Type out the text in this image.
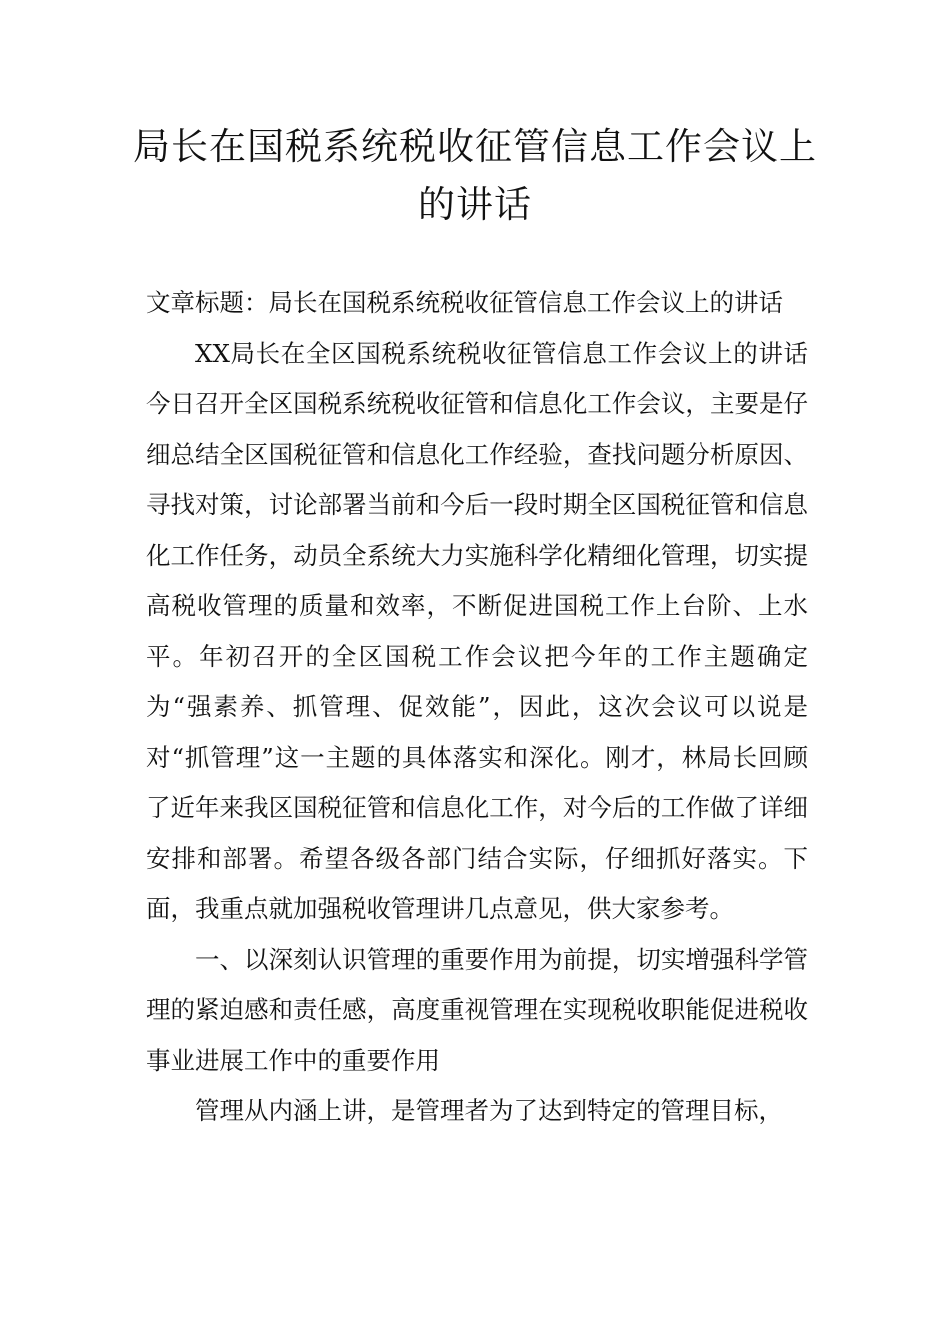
局长在国税系统税收征管信息工作会议上的讲话

文章标题：局长在国税系统税收征管信息工作会议上的讲话

XX局长在全区国税系统税收征管信息工作会议上的讲话今日召开全区国税系统税收征管和信息化工作会议，主要是仔细总结全区国税征管和信息化工作经验，查找问题分析原因、寻找对策，讨论部署当前和今后一段时期全区国税征管和信息化工作任务，动员全系统大力实施科学化精细化管理，切实提高税收管理的质量和效率，不断促进国税工作上台阶、上水平。年初召开的全区国税工作会议把今年的工作主题确定为“强素养、抓管理、促效能”，因此，这次会议可以说是对“抓管理”这一主题的具体落实和深化。刚才，林局长回顾了近年来我区国税征管和信息化工作，对今后的工作做了详细安排和部署。希望各级各部门结合实际，仔细抓好落实。下面，我重点就加强税收管理讲几点意见，供大家参考。

一、以深刻认识管理的重要作用为前提，切实增强科学管理的紧迫感和责任感，高度重视管理在实现税收职能促进税收事业进展工作中的重要作用

管理从内涵上讲，是管理者为了达到特定的管理目标，
